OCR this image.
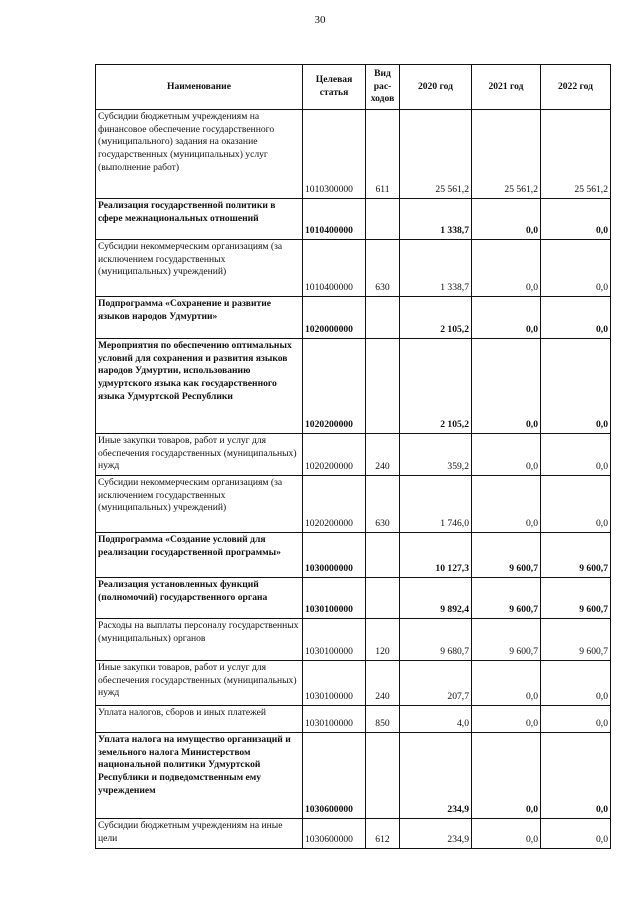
30
Наименование	Целевая статья	Вид рас-ходов	2020 год	2021 год	2022 год
Субсидии бюджетным учреждениям на финансовое обеспечение государственного (муниципального) задания на оказание государственных (муниципальных) услуг (выполнение работ)	1010300000	611	25 561,2	25 561,2	25 561,2
Реализация государственной политики в сфере межнациональных отношений	1010400000		1 338,7	0,0	0,0
Субсидии некоммерческим организациям (за исключением государственных (муниципальных) учреждений)	1010400000	630	1 338,7	0,0	0,0
Подпрограмма «Сохранение и развитие языков народов Удмуртии»	1020000000		2 105,2	0,0	0,0
Мероприятия по обеспечению оптимальных условий для сохранения и развития языков народов Удмуртии, использованию удмуртского языка как государственного языка Удмуртской Республики	1020200000		2 105,2	0,0	0,0
Иные закупки товаров, работ и услуг для обеспечения государственных (муниципальных) нужд	1020200000	240	359,2	0,0	0,0
Субсидии некоммерческим организациям (за исключением государственных (муниципальных) учреждений)	1020200000	630	1 746,0	0,0	0,0
Подпрограмма «Создание условий для реализации государственной программы»	1030000000		10 127,3	9 600,7	9 600,7
Реализация установленных функций (полномочий) государственного органа	1030100000		9 892,4	9 600,7	9 600,7
Расходы на выплаты персоналу государственных (муниципальных) органов	1030100000	120	9 680,7	9 600,7	9 600,7
Иные закупки товаров, работ и услуг для обеспечения государственных (муниципальных) нужд	1030100000	240	207,7	0,0	0,0
Уплата налогов, сборов и иных платежей	1030100000	850	4,0	0,0	0,0
Уплата налога на имущество организаций и земельного налога Министерством национальной политики Удмуртской Республики и подведомственным ему учреждением	1030600000		234,9	0,0	0,0
Субсидии бюджетным учреждениям на иные цели	1030600000	612	234,9	0,0	0,0
